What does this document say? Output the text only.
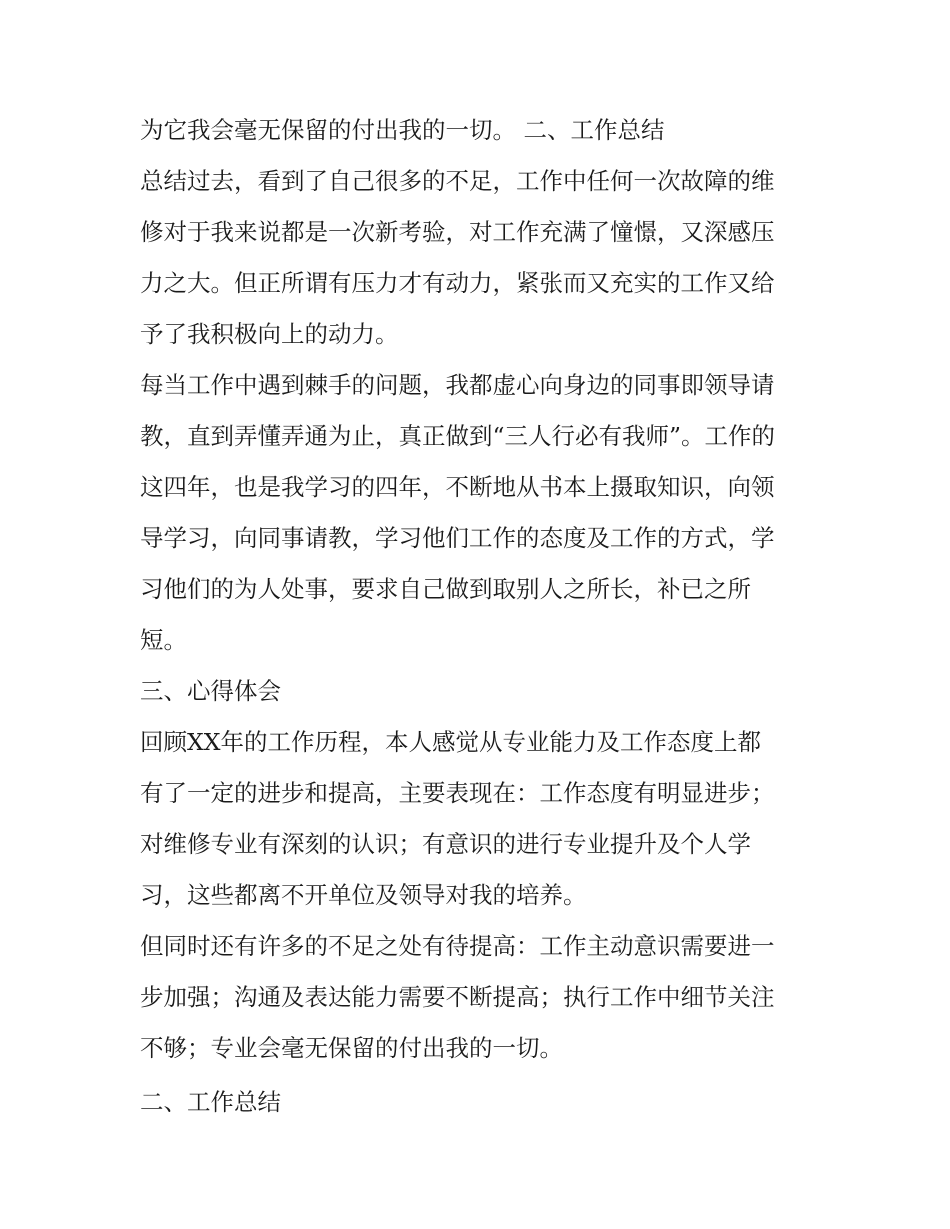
为它我会毫无保留的付出我的一切。 二、工作总结
总结过去，看到了自己很多的不足，工作中任何一次故障的维
修对于我来说都是一次新考验，对工作充满了憧憬，又深感压
力之大。但正所谓有压力才有动力，紧张而又充实的工作又给
予了我积极向上的动力。
每当工作中遇到棘手的问题，我都虚心向身边的同事即领导请
教，直到弄懂弄通为止，真正做到“三人行必有我师”。工作的
这四年，也是我学习的四年，不断地从书本上摄取知识，向领
导学习，向同事请教，学习他们工作的态度及工作的方式，学
习他们的为人处事，要求自己做到取别人之所长，补已之所
短。
三、心得体会
回顾XX年的工作历程，本人感觉从专业能力及工作态度上都
有了一定的进步和提高，主要表现在：工作态度有明显进步；
对维修专业有深刻的认识；有意识的进行专业提升及个人学
习，这些都离不开单位及领导对我的培养。
但同时还有许多的不足之处有待提高：工作主动意识需要进一
步加强；沟通及表达能力需要不断提高；执行工作中细节关注
不够；专业会毫无保留的付出我的一切。
二、工作总结
